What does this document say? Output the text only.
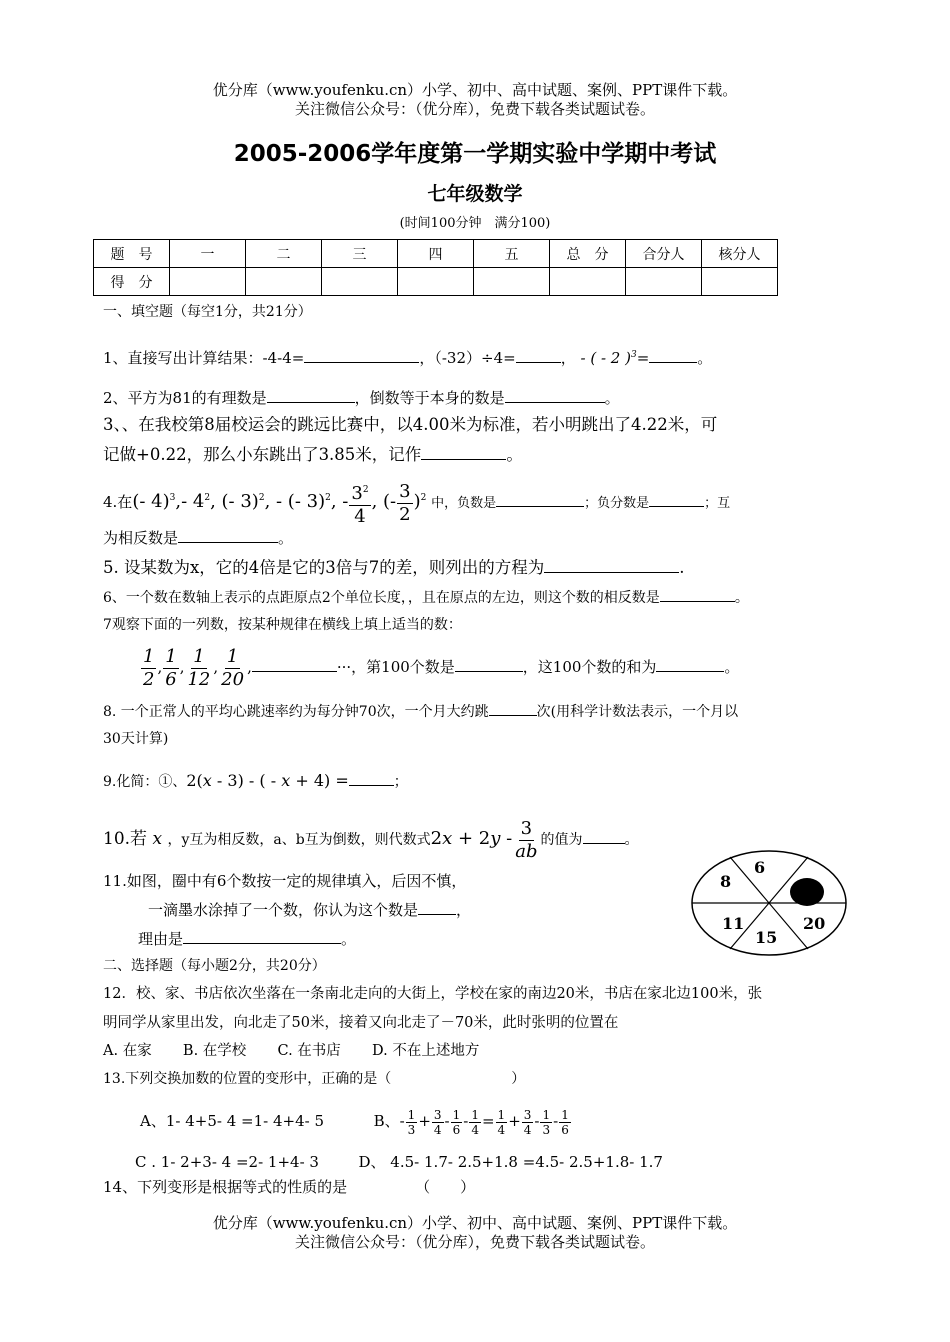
优分库（www.youfenku.cn）小学、初中、高中试题、案例、PPT课件下载。
关注微信公众号：（优分库），免费下载各类试题试卷。
2005-2006学年度第一学期实验中学期中考试
七年级数学
(时间100分钟　满分100)
题　号	一	二	三	四	五	总　分	合分人	核分人
得　分								
一、填空题（每空1分，共21分）
1、直接写出计算结果：-4-4=	，（-32）÷4=	， - ( - 2 )$^3$=	。
2、平方为81的有理数是	，倒数等于本身的数是	。
3、、在我校第8届校运会的跳远比赛中，以4.00米为标准，若小明跳出了4.22米，可
记做+0.22，那么小东跳出了3.85米，记作	。
4.在(- 4)$^3$,- $4^2$, (- 3)$^2$, - (- 3)$^2$, - $\frac{3^2}{4}$ , (- $\frac{3}{2} )^2$ 中，负数是	；负分数是	；互
为相反数是	。
5. 设某数为x，它的4倍是它的3倍与7的差，则列出的方程为	.
6、一个数在数轴上表示的点距原点2个单位长度，，且在原点的左边，则这个数的相反数是	。
7观察下面的一列数，按某种规律在横线上填上适当的数：
$\frac{1}{2}$ , $\frac{1}{6}$ , $\frac{1}{12}$ , $\frac{1}{20}$ ,	···，第100个数是	，这100个数的和为	。
8. 一个正常人的平均心跳速率约为每分钟70次，一个月大约跳	次(用科学计数法表示，一个月以
30天计算)
9.化简：①、2(x - 3) - ( - x + 4) =	；
10.若 x ，y互为相反数，a、b互为倒数，则代数式$2x + 2y - \frac{3}{ab}$ 的值为	。
11.如图，圈中有6个数按一定的规律填入，后因不慎，
一滴墨水涂掉了一个数，你认为这个数是	，
理由是	。
8
6
11
15
20
二、选择题（每小题2分，共20分）
12．校、家、书店依次坐落在一条南北走向的大街上，学校在家的南边20米，书店在家北边100米，张
明同学从家里出发，向北走了50米，接着又向北走了－70米，此时张明的位置在
A. 在家 B. 在学校 C. 在书店 D. 不在上述地方
13.下列交换加数的位置的变形中，正确的是（	）
A、1- 4+5- 4 =1- 4+4- 5	B、- $\frac{1}{3} + \frac{3}{4} - \frac{1}{6} - \frac{1}{4} = \frac{1}{4} + \frac{3}{4} - \frac{1}{3} - \frac{1}{6}$
C . 1- 2+3- 4 =2- 1+4- 3	D、 4.5- 1.7- 2.5+1.8 =4.5- 2.5+1.8- 1.7
14、下列变形是根据等式的性质的是	（　　）
优分库（www.youfenku.cn）小学、初中、高中试题、案例、PPT课件下载。
关注微信公众号：（优分库），免费下载各类试题试卷。
